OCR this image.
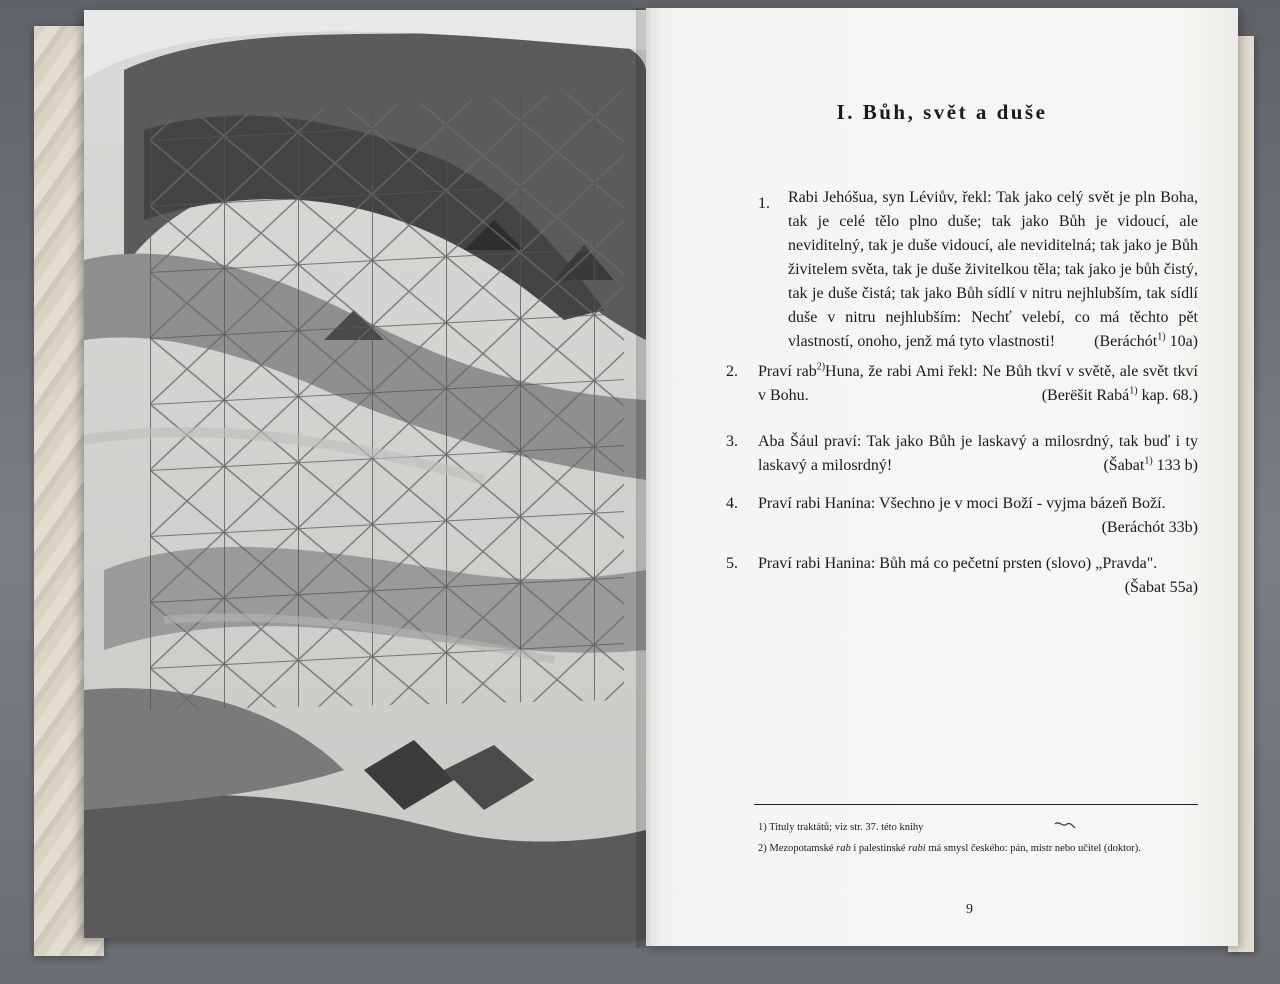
I. Bůh, svět a duše
1. Rabi Jehóšua, syn Léviův, řekl: Tak jako celý svět je pln Boha, tak je celé tělo plno duše; tak jako Bůh je vidoucí, ale neviditelný, tak je duše vidoucí, ale neviditelná; tak jako je Bůh živitelem světa, tak je duše živitelkou těla; tak jako je bůh čistý, tak je duše čistá; tak jako Bůh sídlí v nitru nejhlubším, tak sídlí duše v nitru nejhlubším: Nechť velebí, co má těchto pět vlastností, onoho, jenž má tyto vlastnosti! (Beráchót$^{1)}$ 10a)
2. Praví rab$^{2)}$Huna, že rabi Ami řekl: Ne Bůh tkví v světě, ale svět tkví v Bohu.	(Berëšit Rabá$^{1)}$ kap. 68.)
3. Aba Šául praví: Tak jako Bůh je laskavý a milosrdný, tak buď i ty laskavý a milosrdný!	(Šabat$^{1)}$ 133 b)
4. Praví rabi Hanina: Všechno je v moci Boží - vyjma bázeň Boží.
(Beráchót 33b)
5. Praví rabi Hanina: Bůh má co pečetní prsten (slovo) „Pravda".
(Šabat 55a)
1) Tituly traktátů; viz str. 37. této knihy
2) Mezopotamské rab i palestinské rabi má smysl českého: pán, mistr nebo učitel (doktor).
9
